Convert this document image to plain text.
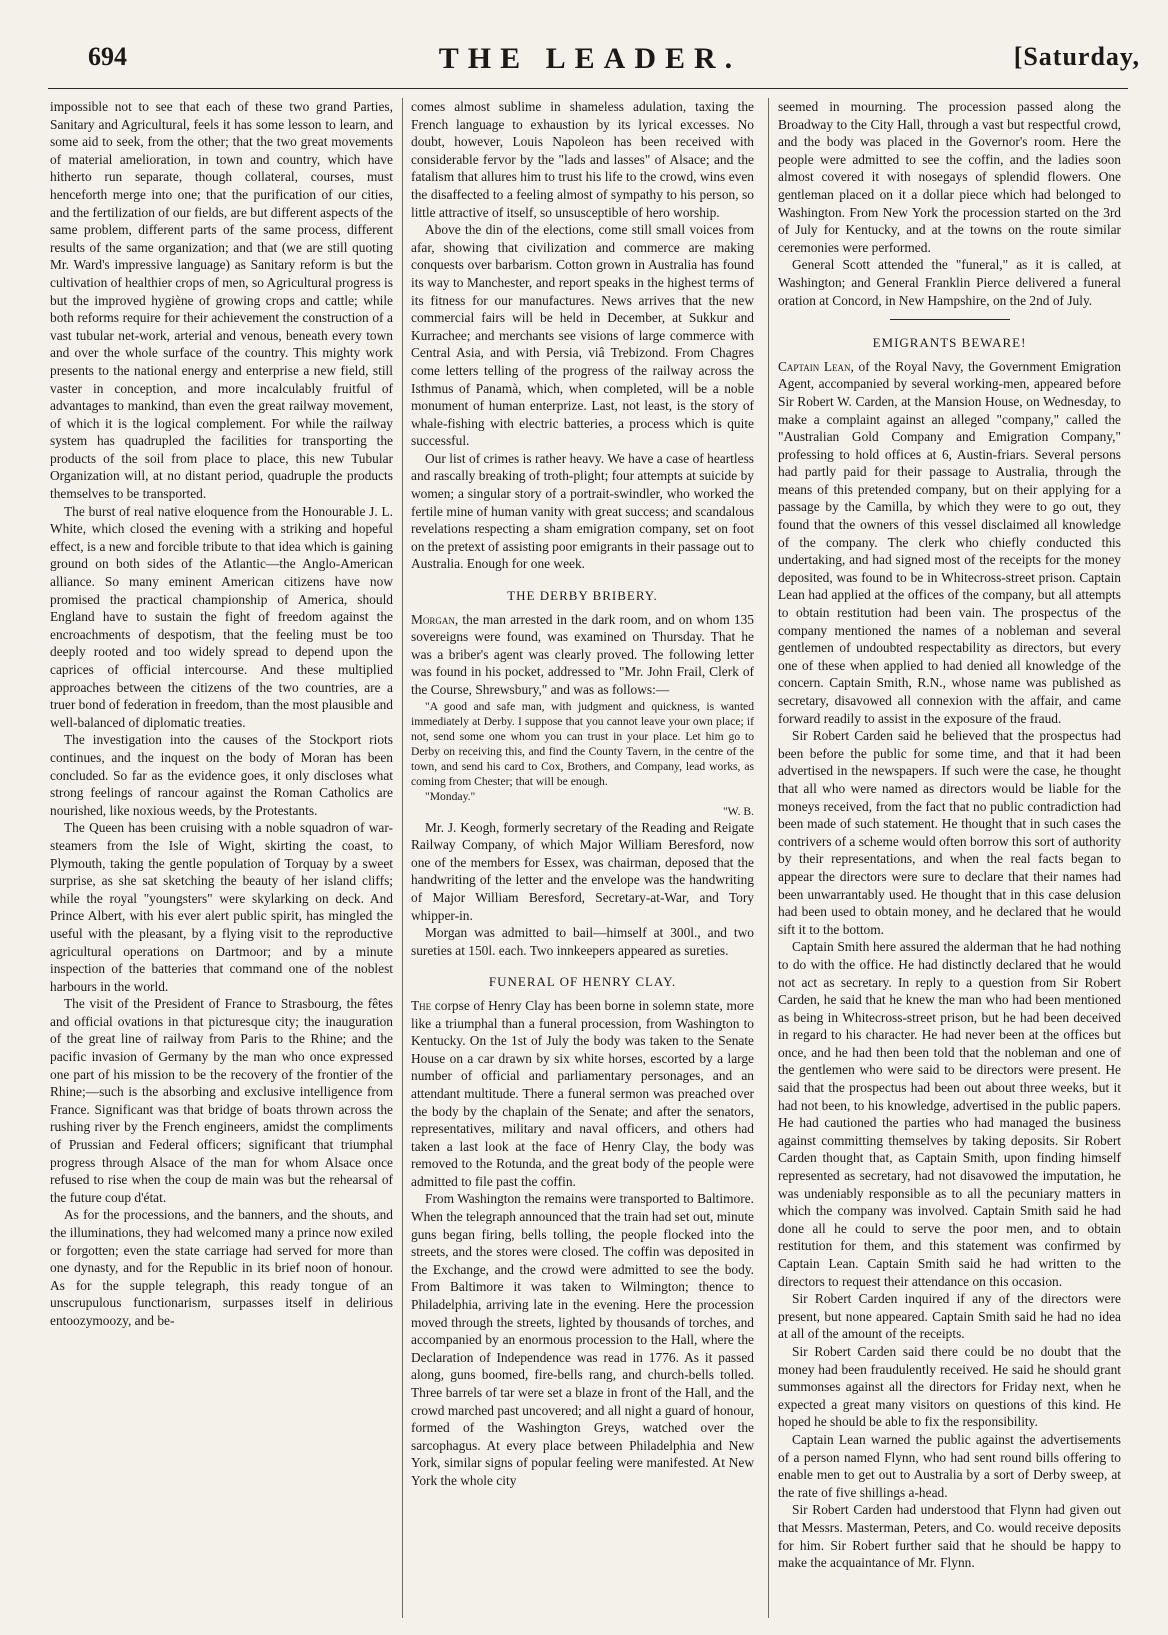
694	THE LEADER.	[Saturday,

impossible not to see that each of these two grand Parties, Sanitary and Agricultural, feels it has some lesson to learn, and some aid to seek, from the other; that the two great movements of material amelioration, in town and country, which have hitherto run separate, though collateral, courses, must henceforth merge into one; that the purification of our cities, and the fertilization of our fields, are but different aspects of the same problem, different parts of the same process, different results of the same organization; and that (we are still quoting Mr. Ward's impressive language) as Sanitary reform is but the cultivation of healthier crops of men, so Agricultural progress is but the improved hygiène of growing crops and cattle; while both reforms require for their achievement the construction of a vast tubular net-work, arterial and venous, beneath every town and over the whole surface of the country. This mighty work presents to the national energy and enterprise a new field, still vaster in conception, and more incalculably fruitful of advantages to mankind, than even the great railway movement, of which it is the logical complement. For while the railway system has quadrupled the facilities for transporting the products of the soil from place to place, this new Tubular Organization will, at no distant period, quadruple the products themselves to be transported.

The burst of real native eloquence from the Honourable J. L. White, which closed the evening with a striking and hopeful effect, is a new and forcible tribute to that idea which is gaining ground on both sides of the Atlantic—the Anglo-American alliance. So many eminent American citizens have now promised the practical championship of America, should England have to sustain the fight of freedom against the encroachments of despotism, that the feeling must be too deeply rooted and too widely spread to depend upon the caprices of official intercourse. And these multiplied approaches between the citizens of the two countries, are a truer bond of federation in freedom, than the most plausible and well-balanced of diplomatic treaties.

The investigation into the causes of the Stockport riots continues, and the inquest on the body of Moran has been concluded. So far as the evidence goes, it only discloses what strong feelings of rancour against the Roman Catholics are nourished, like noxious weeds, by the Protestants.

The Queen has been cruising with a noble squadron of war-steamers from the Isle of Wight, skirting the coast, to Plymouth, taking the gentle population of Torquay by a sweet surprise, as she sat sketching the beauty of her island cliffs; while the royal "youngsters" were skylarking on deck. And Prince Albert, with his ever alert public spirit, has mingled the useful with the pleasant, by a flying visit to the reproductive agricultural operations on Dartmoor; and by a minute inspection of the batteries that command one of the noblest harbours in the world.

The visit of the President of France to Strasbourg, the fêtes and official ovations in that picturesque city; the inauguration of the great line of railway from Paris to the Rhine; and the pacific invasion of Germany by the man who once expressed one part of his mission to be the recovery of the frontier of the Rhine;—such is the absorbing and exclusive intelligence from France. Significant was that bridge of boats thrown across the rushing river by the French engineers, amidst the compliments of Prussian and Federal officers; significant that triumphal progress through Alsace of the man for whom Alsace once refused to rise when the coup de main was but the rehearsal of the future coup d'état.

As for the processions, and the banners, and the shouts, and the illuminations, they had welcomed many a prince now exiled or forgotten; even the state carriage had served for more than one dynasty, and for the Republic in its brief noon of honour. As for the supple telegraph, this ready tongue of an unscrupulous functionarism, surpasses itself in delirious entoozymoozy, and be-

comes almost sublime in shameless adulation, taxing the French language to exhaustion by its lyrical excesses. No doubt, however, Louis Napoleon has been received with considerable fervor by the "lads and lasses" of Alsace; and the fatalism that allures him to trust his life to the crowd, wins even the disaffected to a feeling almost of sympathy to his person, so little attractive of itself, so unsusceptible of hero worship.

Above the din of the elections, come still small voices from afar, showing that civilization and commerce are making conquests over barbarism. Cotton grown in Australia has found its way to Manchester, and report speaks in the highest terms of its fitness for our manufactures. News arrives that the new commercial fairs will be held in December, at Sukkur and Kurrachee; and merchants see visions of large commerce with Central Asia, and with Persia, viâ Trebizond. From Chagres come letters telling of the progress of the railway across the Isthmus of Panamà, which, when completed, will be a noble monument of human enterprize. Last, not least, is the story of whale-fishing with electric batteries, a process which is quite successful.

Our list of crimes is rather heavy. We have a case of heartless and rascally breaking of troth-plight; four attempts at suicide by women; a singular story of a portrait-swindler, who worked the fertile mine of human vanity with great success; and scandalous revelations respecting a sham emigration company, set on foot on the pretext of assisting poor emigrants in their passage out to Australia. Enough for one week.

THE DERBY BRIBERY.

Morgan, the man arrested in the dark room, and on whom 135 sovereigns were found, was examined on Thursday. That he was a briber's agent was clearly proved. The following letter was found in his pocket, addressed to "Mr. John Frail, Clerk of the Course, Shrewsbury," and was as follows:—

"A good and safe man, with judgment and quickness, is wanted immediately at Derby. I suppose that you cannot leave your own place; if not, send some one whom you can trust in your place. Let him go to Derby on receiving this, and find the County Tavern, in the centre of the town, and send his card to Cox, Brothers, and Company, lead works, as coming from Chester; that will be enough.

"Monday."

"W. B.

Mr. J. Keogh, formerly secretary of the Reading and Reigate Railway Company, of which Major William Beresford, now one of the members for Essex, was chairman, deposed that the handwriting of the letter and the envelope was the handwriting of Major William Beresford, Secretary-at-War, and Tory whipper-in.

Morgan was admitted to bail—himself at 300l., and two sureties at 150l. each. Two innkeepers appeared as sureties.

FUNERAL OF HENRY CLAY.

The corpse of Henry Clay has been borne in solemn state, more like a triumphal than a funeral procession, from Washington to Kentucky. On the 1st of July the body was taken to the Senate House on a car drawn by six white horses, escorted by a large number of official and parliamentary personages, and an attendant multitude. There a funeral sermon was preached over the body by the chaplain of the Senate; and after the senators, representatives, military and naval officers, and others had taken a last look at the face of Henry Clay, the body was removed to the Rotunda, and the great body of the people were admitted to file past the coffin.

From Washington the remains were transported to Baltimore. When the telegraph announced that the train had set out, minute guns began firing, bells tolling, the people flocked into the streets, and the stores were closed. The coffin was deposited in the Exchange, and the crowd were admitted to see the body. From Baltimore it was taken to Wilmington; thence to Philadelphia, arriving late in the evening. Here the procession moved through the streets, lighted by thousands of torches, and accompanied by an enormous procession to the Hall, where the Declaration of Independence was read in 1776. As it passed along, guns boomed, fire-bells rang, and church-bells tolled. Three barrels of tar were set a blaze in front of the Hall, and the crowd marched past uncovered; and all night a guard of honour, formed of the Washington Greys, watched over the sarcophagus. At every place between Philadelphia and New York, similar signs of popular feeling were manifested. At New York the whole city

seemed in mourning. The procession passed along the Broadway to the City Hall, through a vast but respectful crowd, and the body was placed in the Governor's room. Here the people were admitted to see the coffin, and the ladies soon almost covered it with nosegays of splendid flowers. One gentleman placed on it a dollar piece which had belonged to Washington. From New York the procession started on the 3rd of July for Kentucky, and at the towns on the route similar ceremonies were performed.

General Scott attended the "funeral," as it is called, at Washington; and General Franklin Pierce delivered a funeral oration at Concord, in New Hampshire, on the 2nd of July.

EMIGRANTS BEWARE!

Captain Lean, of the Royal Navy, the Government Emigration Agent, accompanied by several working-men, appeared before Sir Robert W. Carden, at the Mansion House, on Wednesday, to make a complaint against an alleged "company," called the "Australian Gold Company and Emigration Company," professing to hold offices at 6, Austin-friars. Several persons had partly paid for their passage to Australia, through the means of this pretended company, but on their applying for a passage by the Camilla, by which they were to go out, they found that the owners of this vessel disclaimed all knowledge of the company. The clerk who chiefly conducted this undertaking, and had signed most of the receipts for the money deposited, was found to be in Whitecross-street prison. Captain Lean had applied at the offices of the company, but all attempts to obtain restitution had been vain. The prospectus of the company mentioned the names of a nobleman and several gentlemen of undoubted respectability as directors, but every one of these when applied to had denied all knowledge of the concern. Captain Smith, R.N., whose name was published as secretary, disavowed all connexion with the affair, and came forward readily to assist in the exposure of the fraud.

Sir Robert Carden said he believed that the prospectus had been before the public for some time, and that it had been advertised in the newspapers. If such were the case, he thought that all who were named as directors would be liable for the moneys received, from the fact that no public contradiction had been made of such statement. He thought that in such cases the contrivers of a scheme would often borrow this sort of authority by their representations, and when the real facts began to appear the directors were sure to declare that their names had been unwarrantably used. He thought that in this case delusion had been used to obtain money, and he declared that he would sift it to the bottom.

Captain Smith here assured the alderman that he had nothing to do with the office. He had distinctly declared that he would not act as secretary. In reply to a question from Sir Robert Carden, he said that he knew the man who had been mentioned as being in Whitecross-street prison, but he had been deceived in regard to his character. He had never been at the offices but once, and he had then been told that the nobleman and one of the gentlemen who were said to be directors were present. He said that the prospectus had been out about three weeks, but it had not been, to his knowledge, advertised in the public papers. He had cautioned the parties who had managed the business against committing themselves by taking deposits. Sir Robert Carden thought that, as Captain Smith, upon finding himself represented as secretary, had not disavowed the imputation, he was undeniably responsible as to all the pecuniary matters in which the company was involved. Captain Smith said he had done all he could to serve the poor men, and to obtain restitution for them, and this statement was confirmed by Captain Lean. Captain Smith said he had written to the directors to request their attendance on this occasion.

Sir Robert Carden inquired if any of the directors were present, but none appeared. Captain Smith said he had no idea at all of the amount of the receipts.

Sir Robert Carden said there could be no doubt that the money had been fraudulently received. He said he should grant summonses against all the directors for Friday next, when he expected a great many visitors on questions of this kind. He hoped he should be able to fix the responsibility.

Captain Lean warned the public against the advertisements of a person named Flynn, who had sent round bills offering to enable men to get out to Australia by a sort of Derby sweep, at the rate of five shillings a-head.

Sir Robert Carden had understood that Flynn had given out that Messrs. Masterman, Peters, and Co. would receive deposits for him. Sir Robert further said that he should be happy to make the acquaintance of Mr. Flynn.
